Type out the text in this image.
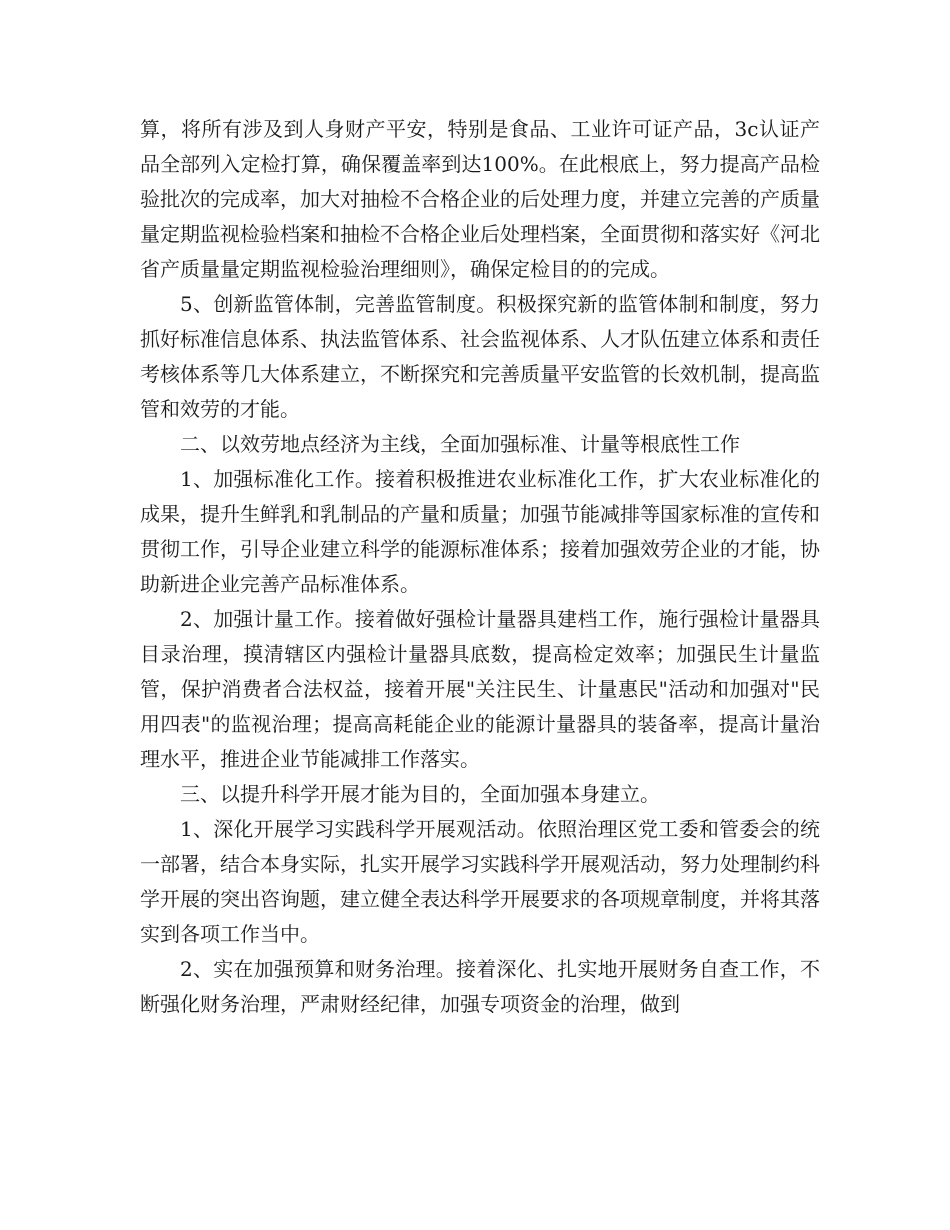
算，将所有涉及到人身财产平安，特别是食品、工业许可证产品，3c认证产品全部列入定检打算，确保覆盖率到达100%。在此根底上，努力提高产品检验批次的完成率，加大对抽检不合格企业的后处理力度，并建立完善的产质量量定期监视检验档案和抽检不合格企业后处理档案，全面贯彻和落实好《河北省产质量量定期监视检验治理细则》，确保定检目的的完成。

5、创新监管体制，完善监管制度。积极探究新的监管体制和制度，努力抓好标准信息体系、执法监管体系、社会监视体系、人才队伍建立体系和责任考核体系等几大体系建立，不断探究和完善质量平安监管的长效机制，提高监管和效劳的才能。

二、以效劳地点经济为主线，全面加强标准、计量等根底性工作

1、加强标准化工作。接着积极推进农业标准化工作，扩大农业标准化的成果，提升生鲜乳和乳制品的产量和质量；加强节能减排等国家标准的宣传和贯彻工作，引导企业建立科学的能源标准体系；接着加强效劳企业的才能，协助新进企业完善产品标准体系。

2、加强计量工作。接着做好强检计量器具建档工作，施行强检计量器具目录治理，摸清辖区内强检计量器具底数，提高检定效率；加强民生计量监管，保护消费者合法权益，接着开展"关注民生、计量惠民"活动和加强对"民用四表"的监视治理；提高高耗能企业的能源计量器具的装备率，提高计量治理水平，推进企业节能减排工作落实。

三、以提升科学开展才能为目的，全面加强本身建立。

1、深化开展学习实践科学开展观活动。依照治理区党工委和管委会的统一部署，结合本身实际，扎实开展学习实践科学开展观活动，努力处理制约科学开展的突出咨询题，建立健全表达科学开展要求的各项规章制度，并将其落实到各项工作当中。

2、实在加强预算和财务治理。接着深化、扎实地开展财务自查工作，不断强化财务治理，严肃财经纪律，加强专项资金的治理，做到
